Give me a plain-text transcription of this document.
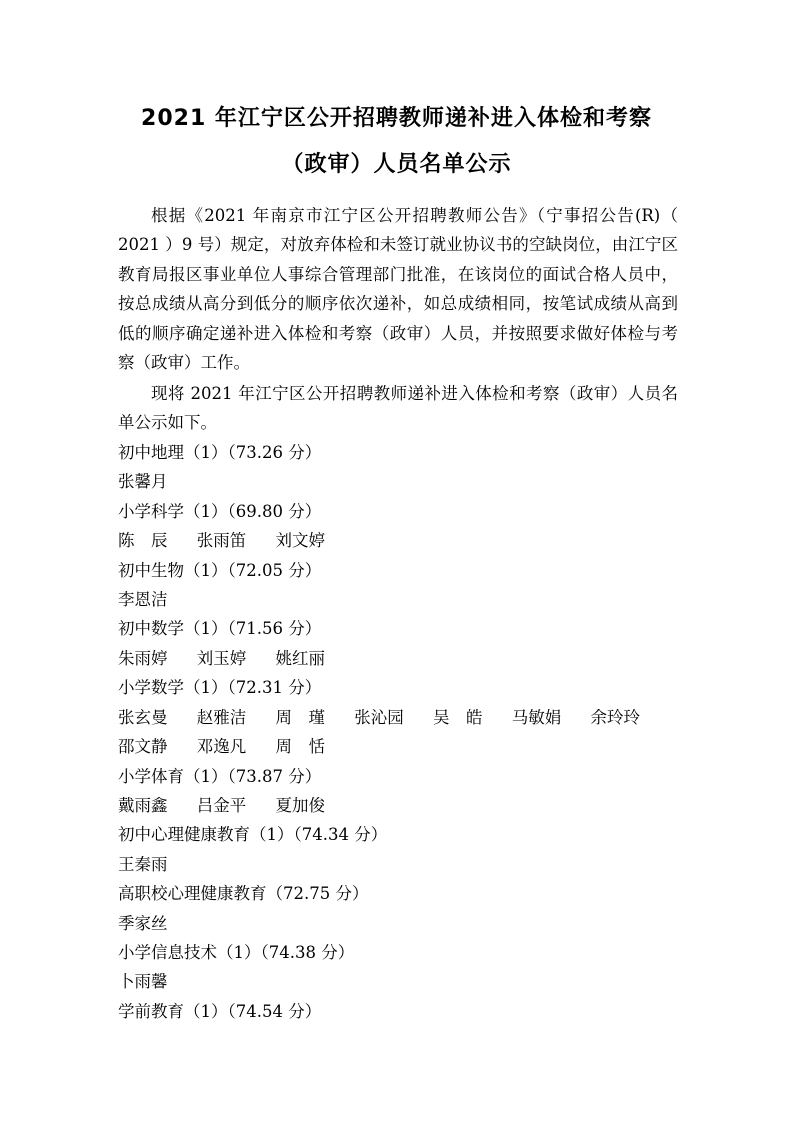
2021 年江宁区公开招聘教师递补进入体检和考察
（政审）人员名单公示
根据《2021 年南京市江宁区公开招聘教师公告》（宁事招公告(R)（ 2021 ）9 号）规定，对放弃体检和未签订就业协议书的空缺岗位，由江宁区教育局报区事业单位人事综合管理部门批准，在该岗位的面试合格人员中，按总成绩从高分到低分的顺序依次递补，如总成绩相同，按笔试成绩从高到低的顺序确定递补进入体检和考察（政审）人员，并按照要求做好体检与考察（政审）工作。
现将 2021 年江宁区公开招聘教师递补进入体检和考察（政审）人员名单公示如下。
初中地理（1）（73.26 分）
张馨月
小学科学（1）（69.80 分）
陈　辰 张雨笛 刘文婷
初中生物（1）（72.05 分）
李恩洁
初中数学（1）（71.56 分）
朱雨婷 刘玉婷 姚红丽
小学数学（1）（72.31 分）
张玄曼 赵雅洁 周　瑾 张沁园 吴　皓 马敏娟 余玲玲
邵文静 邓逸凡 周　恬
小学体育（1）（73.87 分）
戴雨鑫 吕金平 夏加俊
初中心理健康教育（1）（74.34 分）
王秦雨
高职校心理健康教育（72.75 分）
季家丝
小学信息技术（1）（74.38 分）
卜雨馨
学前教育（1）（74.54 分）
